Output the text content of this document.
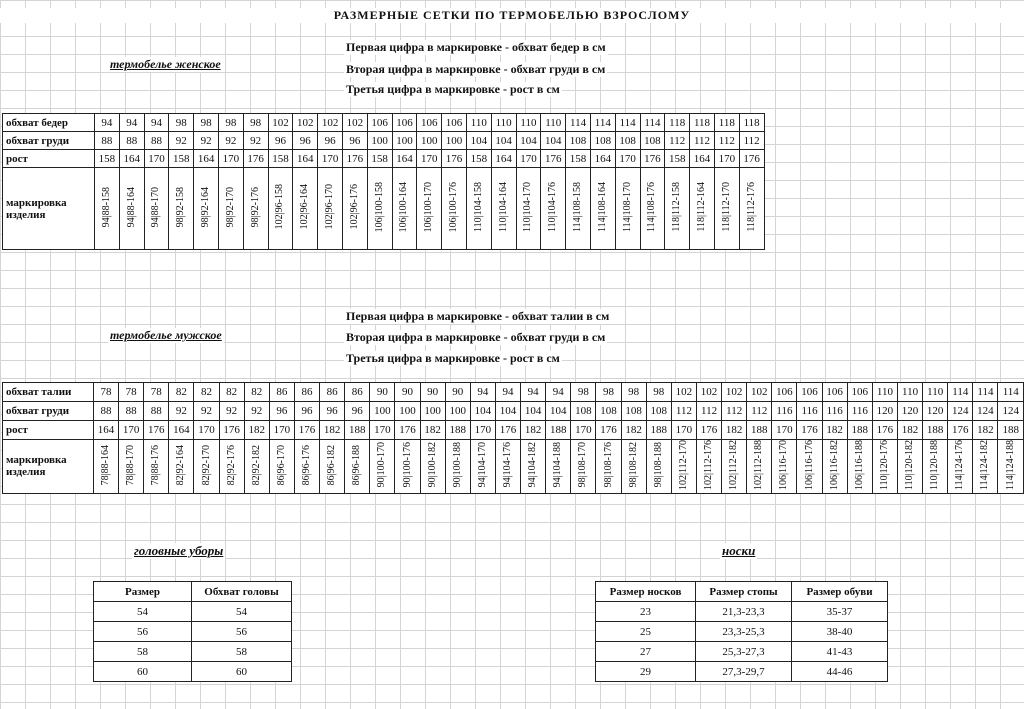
РАЗМЕРНЫЕ СЕТКИ ПО ТЕРМОБЕЛЬЮ ВЗРОСЛОМУ
термобелье женское
Первая цифра в маркировке - обхват бедер в см
Вторая цифра в маркировке - обхват груди в см
Третья цифра в маркировке - рост в см
обхват бедер	94	94	94	98	98	98	98	102	102	102	102	106	106	106	106	110	110	110	110	114	114	114	114	118	118	118	118
обхват груди	88	88	88	92	92	92	92	96	96	96	96	100	100	100	100	104	104	104	104	108	108	108	108	112	112	112	112
рост	158	164	170	158	164	170	176	158	164	170	176	158	164	170	176	158	164	170	176	158	164	170	176	158	164	170	176
маркировка изделия	94|88-158	94|88-164	94|88-170	98|92-158	98|92-164	98|92-170	98|92-176	102|96-158	102|96-164	102|96-170	102|96-176	106|100-158	106|100-164	106|100-170	106|100-176	110|104-158	110|104-164	110|104-170	110|104-176	114|108-158	114|108-164	114|108-170	114|108-176	118|112-158	118|112-164	118|112-170	118|112-176
термобелье мужское
Первая цифра в маркировке - обхват талии в см
Вторая цифра в маркировке - обхват груди в см
Третья цифра в маркировке - рост в см
обхват талии	78	78	78	82	82	82	82	86	86	86	86	90	90	90	90	94	94	94	94	98	98	98	98	102	102	102	102	106	106	106	106	110	110	110	114	114	114
обхват груди	88	88	88	92	92	92	92	96	96	96	96	100	100	100	100	104	104	104	104	108	108	108	108	112	112	112	112	116	116	116	116	120	120	120	124	124	124
рост	164	170	176	164	170	176	182	170	176	182	188	170	176	182	188	170	176	182	188	170	176	182	188	170	176	182	188	170	176	182	188	176	182	188	176	182	188
маркировка изделия	78|88-164	78|88-170	78|88-176	82|92-164	82|92-170	82|92-176	82|92-182	86|96-170	86|96-176	86|96-182	86|96-188	90|100-170	90|100-176	90|100-182	90|100-188	94|104-170	94|104-176	94|104-182	94|104-188	98|108-170	98|108-176	98|108-182	98|108-188	102|112-170	102|112-176	102|112-182	102|112-188	106|116-170	106|116-176	106|116-182	106|116-188	110|120-176	110|120-182	110|120-188	114|124-176	114|124-182	114|124-188
головные уборы
Размер	Обхват головы
54	54
56	56
58	58
60	60
носки
Размер носков	Размер стопы	Размер обуви
23	21,3-23,3	35-37
25	23,3-25,3	38-40
27	25,3-27,3	41-43
29	27,3-29,7	44-46
